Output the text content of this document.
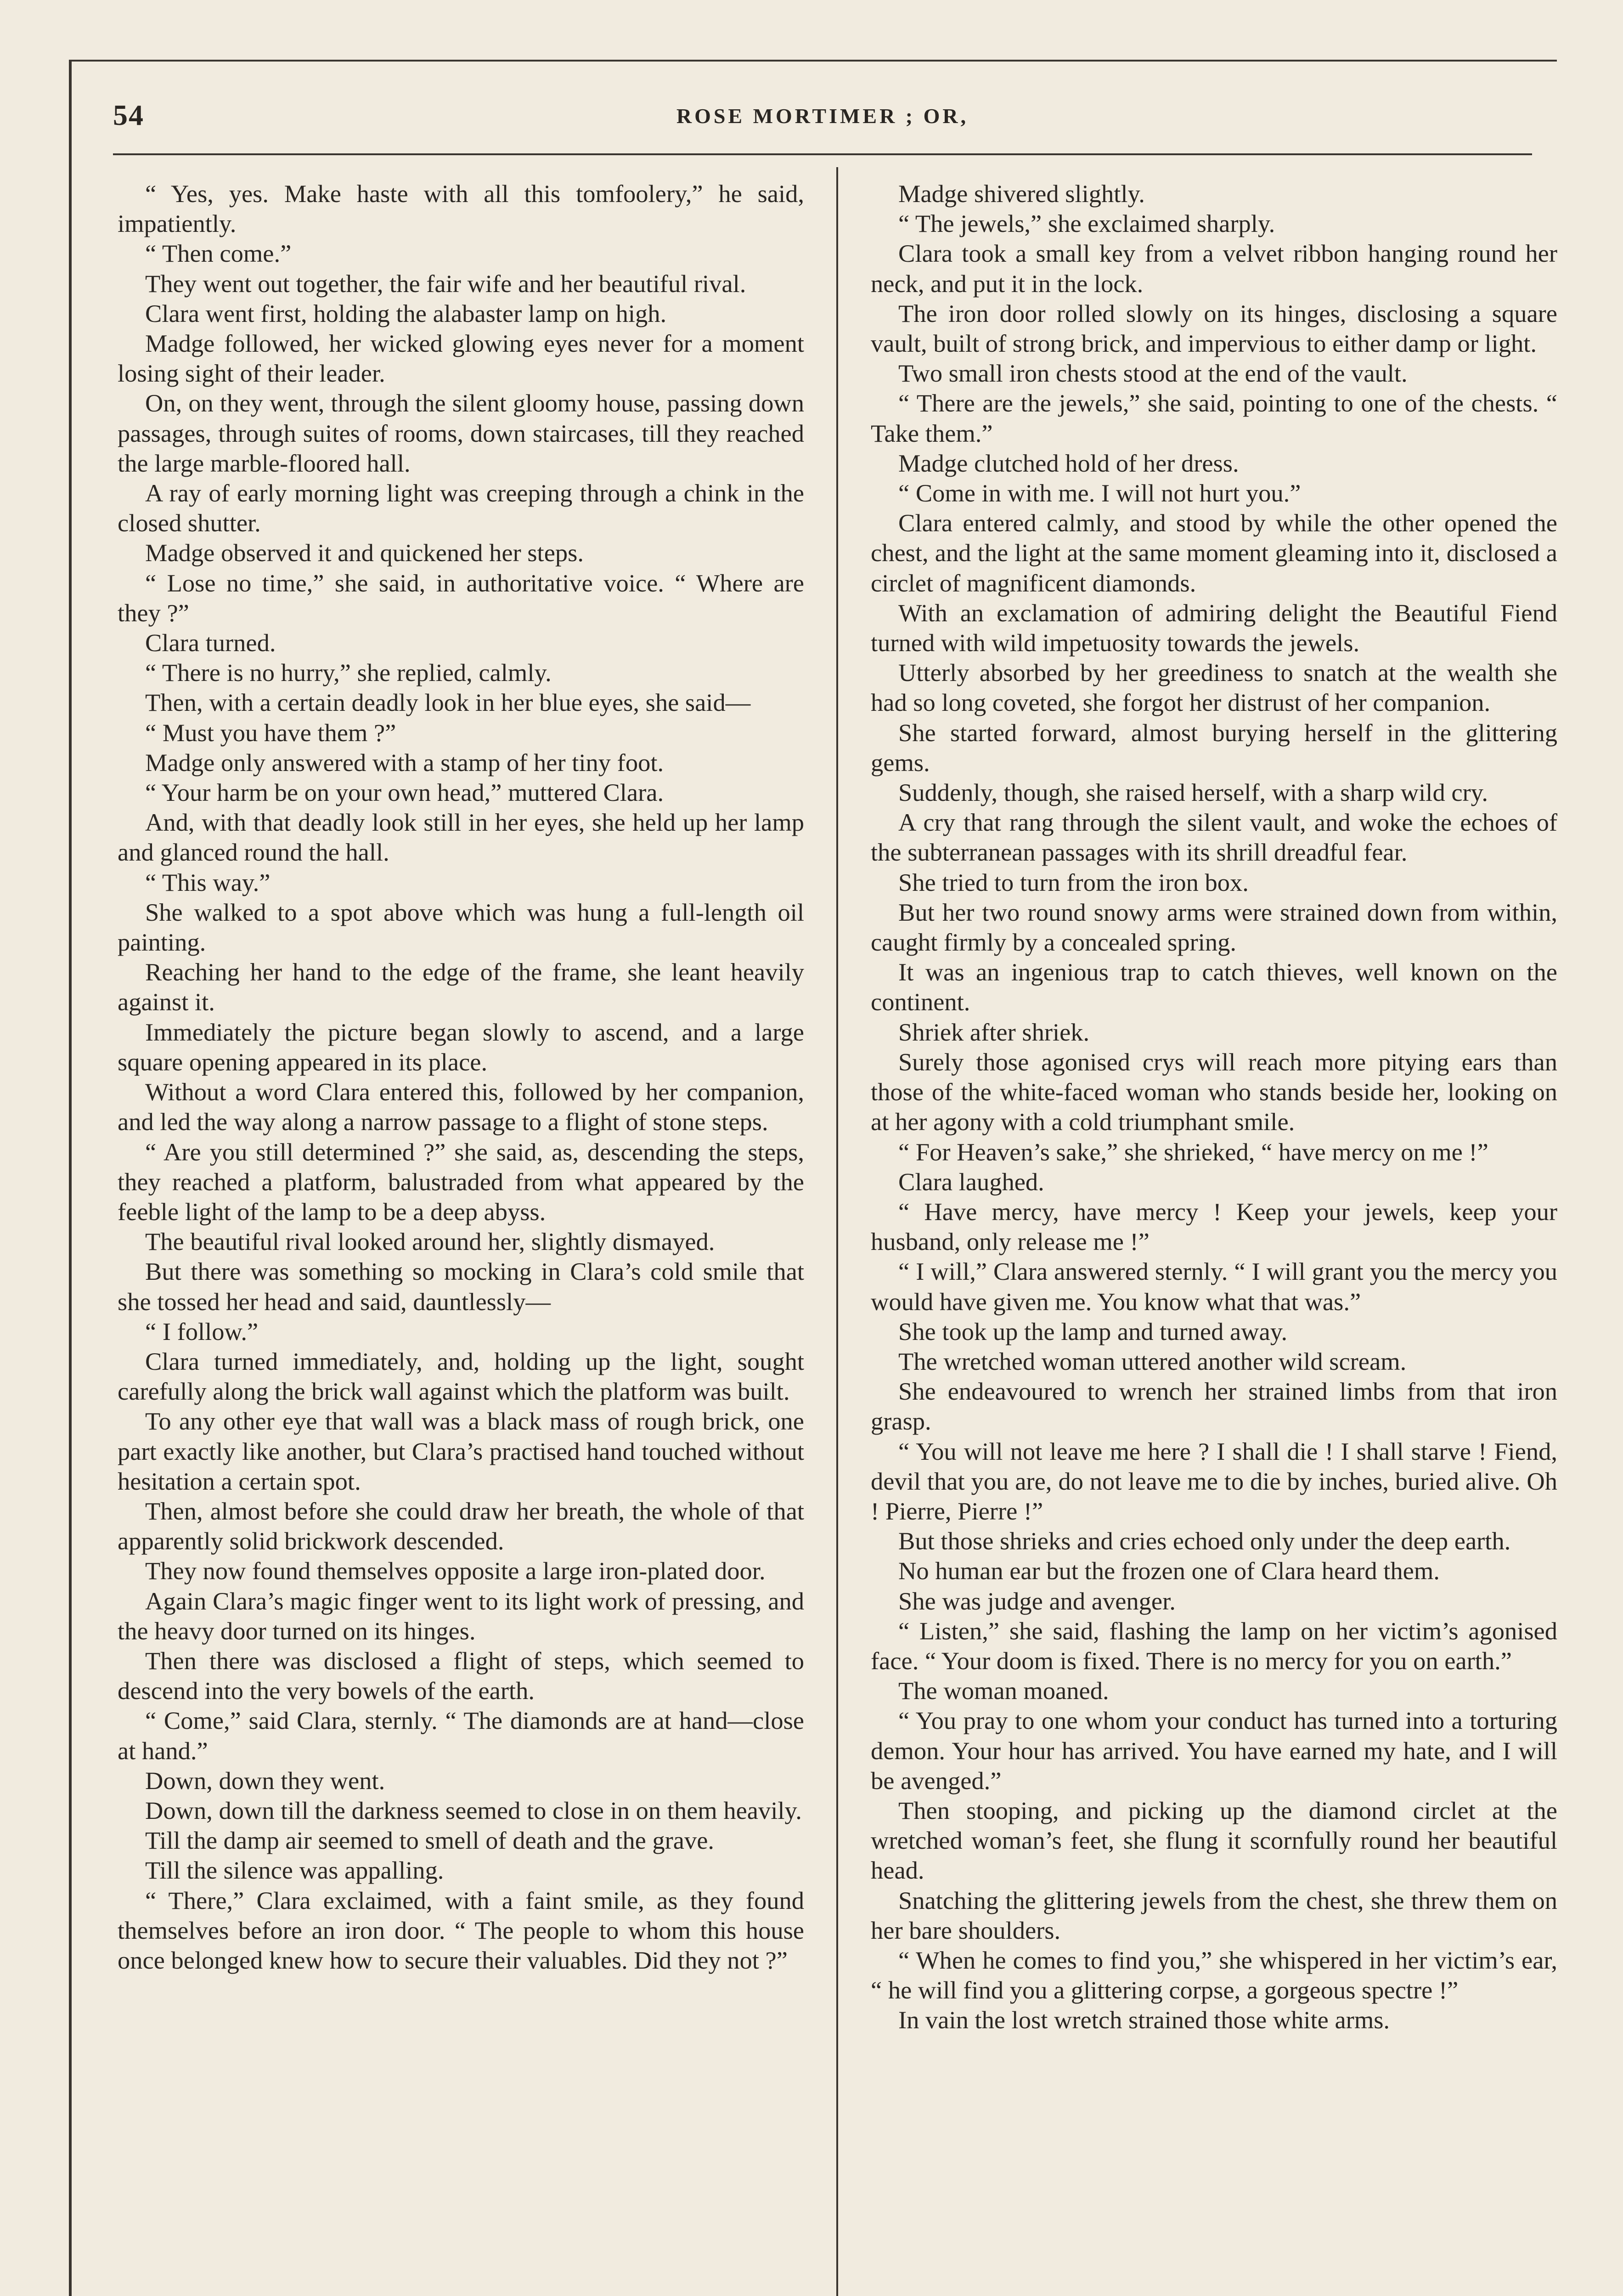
54	ROSE MORTIMER ; OR,

“ Yes, yes. Make haste with all this tomfoolery,” he said, impatiently.

“ Then come.”

They went out together, the fair wife and her beautiful rival.

Clara went first, holding the alabaster lamp on high.

Madge followed, her wicked glowing eyes never for a moment losing sight of their leader.

On, on they went, through the silent gloomy house, passing down passages, through suites of rooms, down staircases, till they reached the large marble-floored hall.

A ray of early morning light was creeping through a chink in the closed shutter.

Madge observed it and quickened her steps.

“ Lose no time,” she said, in authoritative voice. “ Where are they ?”

Clara turned.

“ There is no hurry,” she replied, calmly.

Then, with a certain deadly look in her blue eyes, she said—

“ Must you have them ?”

Madge only answered with a stamp of her tiny foot.

“ Your harm be on your own head,” muttered Clara.

And, with that deadly look still in her eyes, she held up her lamp and glanced round the hall.

“ This way.”

She walked to a spot above which was hung a full-length oil painting.

Reaching her hand to the edge of the frame, she leant heavily against it.

Immediately the picture began slowly to ascend, and a large square opening appeared in its place.

Without a word Clara entered this, followed by her companion, and led the way along a narrow passage to a flight of stone steps.

“ Are you still determined ?” she said, as, descending the steps, they reached a platform, balustraded from what appeared by the feeble light of the lamp to be a deep abyss.

The beautiful rival looked around her, slightly dismayed.

But there was something so mocking in Clara’s cold smile that she tossed her head and said, dauntlessly—

“ I follow.”

Clara turned immediately, and, holding up the light, sought carefully along the brick wall against which the platform was built.

To any other eye that wall was a black mass of rough brick, one part exactly like another, but Clara’s practised hand touched without hesitation a certain spot.

Then, almost before she could draw her breath, the whole of that apparently solid brickwork descended.

They now found themselves opposite a large iron-plated door.

Again Clara’s magic finger went to its light work of pressing, and the heavy door turned on its hinges.

Then there was disclosed a flight of steps, which seemed to descend into the very bowels of the earth.

“ Come,” said Clara, sternly. “ The diamonds are at hand—close at hand.”

Down, down they went.

Down, down till the darkness seemed to close in on them heavily.

Till the damp air seemed to smell of death and the grave.

Till the silence was appalling.

“ There,” Clara exclaimed, with a faint smile, as they found themselves before an iron door. “ The people to whom this house once belonged knew how to secure their valuables. Did they not ?”

Madge shivered slightly.

“ The jewels,” she exclaimed sharply.

Clara took a small key from a velvet ribbon hanging round her neck, and put it in the lock.

The iron door rolled slowly on its hinges, disclosing a square vault, built of strong brick, and impervious to either damp or light.

Two small iron chests stood at the end of the vault.

“ There are the jewels,” she said, pointing to one of the chests. “ Take them.”

Madge clutched hold of her dress.

“ Come in with me. I will not hurt you.”

Clara entered calmly, and stood by while the other opened the chest, and the light at the same moment gleaming into it, disclosed a circlet of magnificent diamonds.

With an exclamation of admiring delight the Beautiful Fiend turned with wild impetuosity towards the jewels.

Utterly absorbed by her greediness to snatch at the wealth she had so long coveted, she forgot her distrust of her companion.

She started forward, almost burying herself in the glittering gems.

Suddenly, though, she raised herself, with a sharp wild cry.

A cry that rang through the silent vault, and woke the echoes of the subterranean passages with its shrill dreadful fear.

She tried to turn from the iron box.

But her two round snowy arms were strained down from within, caught firmly by a concealed spring.

It was an ingenious trap to catch thieves, well known on the continent.

Shriek after shriek.

Surely those agonised crys will reach more pitying ears than those of the white-faced woman who stands beside her, looking on at her agony with a cold triumphant smile.

“ For Heaven’s sake,” she shrieked, “ have mercy on me !”

Clara laughed.

“ Have mercy, have mercy ! Keep your jewels, keep your husband, only release me !”

“ I will,” Clara answered sternly. “ I will grant you the mercy you would have given me. You know what that was.”

She took up the lamp and turned away.

The wretched woman uttered another wild scream.

She endeavoured to wrench her strained limbs from that iron grasp.

“ You will not leave me here ? I shall die ! I shall starve ! Fiend, devil that you are, do not leave me to die by inches, buried alive. Oh ! Pierre, Pierre !”

But those shrieks and cries echoed only under the deep earth.

No human ear but the frozen one of Clara heard them.

She was judge and avenger.

“ Listen,” she said, flashing the lamp on her victim’s agonised face. “ Your doom is fixed. There is no mercy for you on earth.”

The woman moaned.

“ You pray to one whom your conduct has turned into a torturing demon. Your hour has arrived. You have earned my hate, and I will be avenged.”

Then stooping, and picking up the diamond circlet at the wretched woman’s feet, she flung it scornfully round her beautiful head.

Snatching the glittering jewels from the chest, she threw them on her bare shoulders.

“ When he comes to find you,” she whispered in her victim’s ear, “ he will find you a glittering corpse, a gorgeous spectre !”

In vain the lost wretch strained those white arms.
